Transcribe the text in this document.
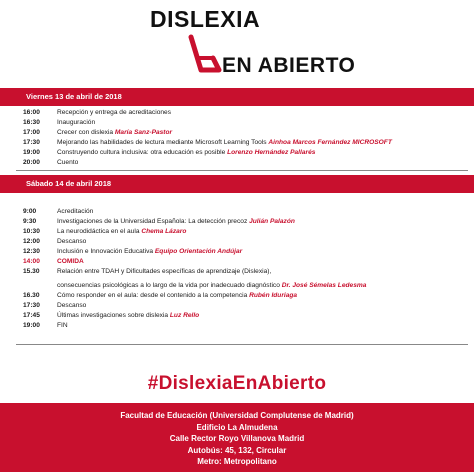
DISLEXIA
EN ABIERTO
Viernes 13 de abril de 2018
16:00	Recepción y entrega de acreditaciones
16:30	Inauguración
17:00	Crecer con dislexia María Sanz-Pastor
17:30	Mejorando las habilidades de lectura mediante Microsoft Learning Tools Ainhoa Marcos Fernández MICROSOFT
19:00	Construyendo cultura inclusiva: otra educación es posible Lorenzo Hernández Pallarés
20:00	Cuento
Sábado 14 de abril 2018
9:00	Acreditación
9:30	Investigaciones de la Universidad Española: La detección precoz Julián Palazón
10:30	La neurodidáctica en el aula Chema Lázaro
12:00	Descanso
12:30	Inclusión e Innovación Educativa Equipo Orientación Andújar
14:00	COMIDA
15.30	Relación entre TDAH y Dificultades específicas de aprendizaje (Dislexia),
consecuencias psicológicas a lo largo de la vida por inadecuado diagnóstico Dr. José Sémelas Ledesma
16.30	Cómo responder en el aula: desde el contenido a la competencia Rubén Iduriaga
17:30	Descanso
17:45	Últimas investigaciones sobre dislexia Luz Rello
19:00	FIN
#DislexiaEnAbierto
Facultad de Educación (Universidad Complutense de Madrid)
Edificio La Almudena
Calle Rector Royo Villanova Madrid
Autobús: 45, 132, Circular
Metro: Metropolitano
